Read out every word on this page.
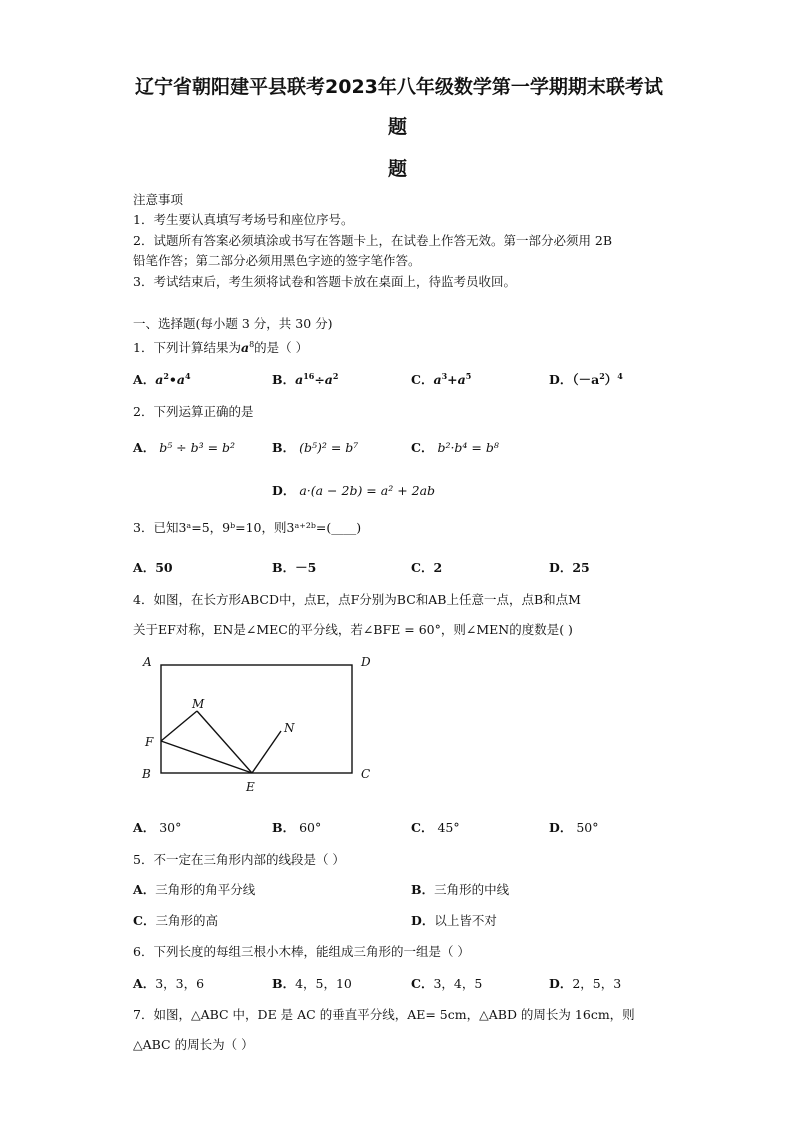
辽宁省朝阳建平县联考2023年八年级数学第一学期期末联考试
题
题
注意事项
1．考生要认真填写考场号和座位序号。
2．试题所有答案必须填涂或书写在答题卡上，在试卷上作答无效。第一部分必须用 2B
铅笔作答；第二部分必须用黑色字迹的签字笔作答。
3．考试结束后，考生须将试卷和答题卡放在桌面上，待监考员收回。
一、选择题(每小题 3 分，共 30 分)
1．下列计算结果为$a^8$的是（ ）
A．$a^2•a^4$	B．$a^{16}\div a^2$	C．$a^3+a^5$	D．$(-a^2)^4$
2．下列运算正确的是
A． b⁵ ÷ b³ = b²	B． (b⁵)² = b⁷	C． b²·b⁴ = b⁸
D． a·(a − 2b) = a² + 2ab
3．已知3ᵃ=5，9ᵇ=10，则3ᵃ⁺²ᵇ=(____)
A．50	B．－5	C．2	D．25
4．如图，在长方形ABCD中，点E，点F分别为BC和AB上任意一点，点B和点M
关于EF对称，EN是∠MEC的平分线，若∠BFE = 60°，则∠MEN的度数是( )
A	D
B	C
E
F
M
N
A． 30°	B． 60°	C． 45°	D． 50°
5．不一定在三角形内部的线段是（ ）
A．三角形的角平分线	B．三角形的中线
C．三角形的高	D．以上皆不对
6．下列长度的每组三根小木棒，能组成三角形的一组是（ ）
A．3，3，6	B．4，5，10	C．3，4，5	D．2，5，3
7．如图，△ABC 中，DE 是 AC 的垂直平分线，AE= 5cm，△ABD 的周长为 16cm，则
△ABC 的周长为（ ）
